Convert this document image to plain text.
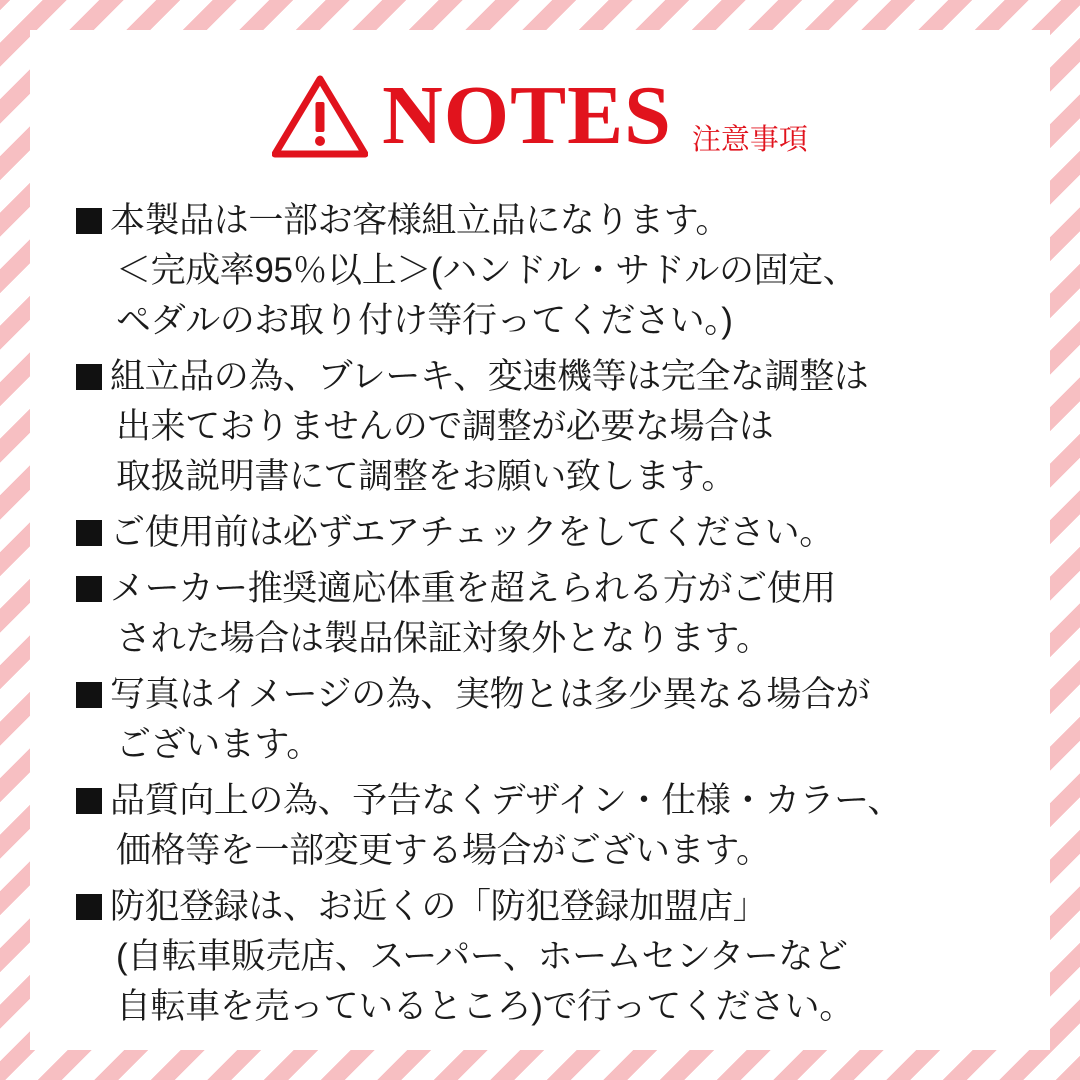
NOTES 注意事項
本製品は一部お客様組立品になります。
＜完成率95％以上＞(ハンドル・サドルの固定、
ペダルのお取り付け等行ってください。)
組立品の為、ブレーキ、変速機等は完全な調整は
出来ておりませんので調整が必要な場合は
取扱説明書にて調整をお願い致します。
ご使用前は必ずエアチェックをしてください。
メーカー推奨適応体重を超えられる方がご使用
された場合は製品保証対象外となります。
写真はイメージの為、実物とは多少異なる場合が
ございます。
品質向上の為、予告なくデザイン・仕様・カラー、
価格等を一部変更する場合がございます。
防犯登録は、お近くの「防犯登録加盟店」
(自転車販売店、スーパー、ホームセンターなど
自転車を売っているところ)で行ってください。
